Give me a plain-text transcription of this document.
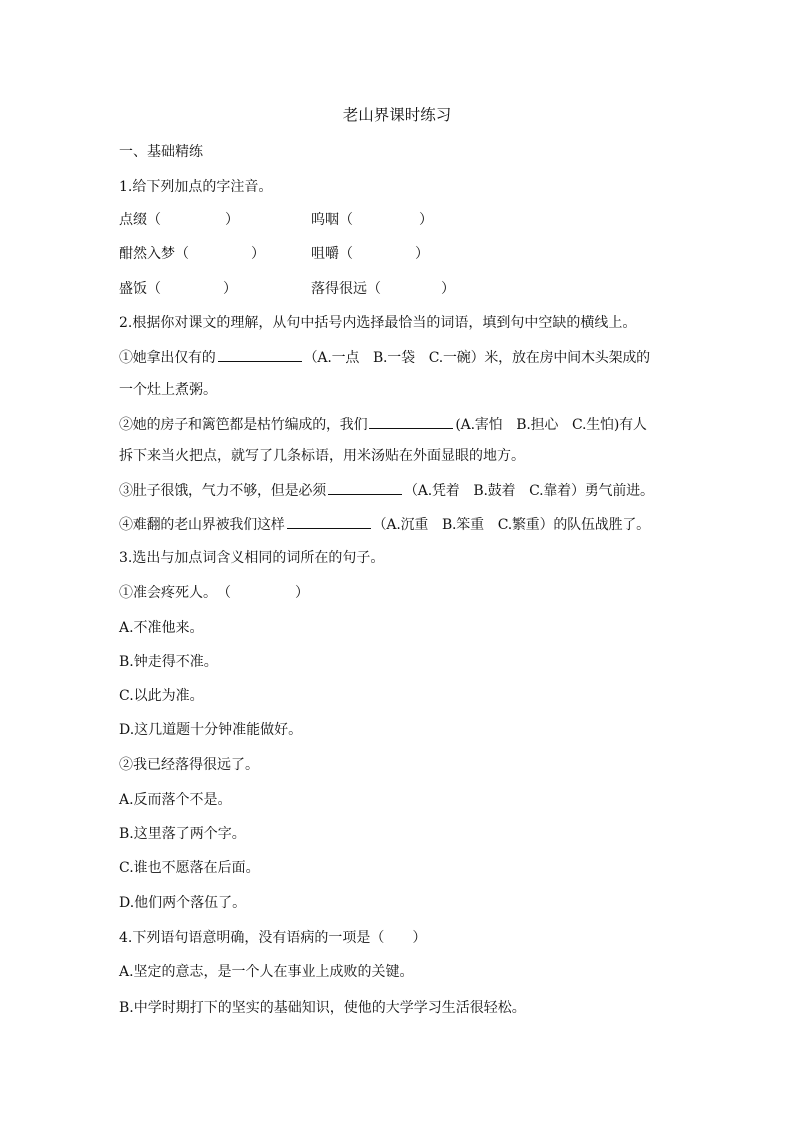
老山界课时练习
一、基础精练
1.给下列加点的字注音。
点缀（	）	呜咽（	）
酣然入梦（	）	咀嚼（	）
盛饭（	）	落得很远（	）
2.根据你对课文的理解，从句中括号内选择最恰当的词语，填到句中空缺的横线上。
①她拿出仅有的	（A.一点　B.一袋　C.一碗）米，放在房中间木头架成的
一个灶上煮粥。
②她的房子和篱笆都是枯竹编成的，我们	(A.害怕　B.担心　C.生怕)有人
拆下来当火把点，就写了几条标语，用米汤贴在外面显眼的地方。
③肚子很饿，气力不够，但是必须	（A.凭着　B.鼓着　C.靠着）勇气前进。
④难翻的老山界被我们这样	（A.沉重　B.笨重　C.繁重）的队伍战胜了。
3.选出与加点词含义相同的词所在的句子。
①准会疼死人。（	）
A.不准他来。
B.钟走得不准。
C.以此为准。
D.这几道题十分钟准能做好。
②我已经落得很远了。
A.反而落个不是。
B.这里落了两个字。
C.谁也不愿落在后面。
D.他们两个落伍了。
4.下列语句语意明确，没有语病的一项是（　　）
A.坚定的意志，是一个人在事业上成败的关键。
B.中学时期打下的坚实的基础知识，使他的大学学习生活很轻松。
